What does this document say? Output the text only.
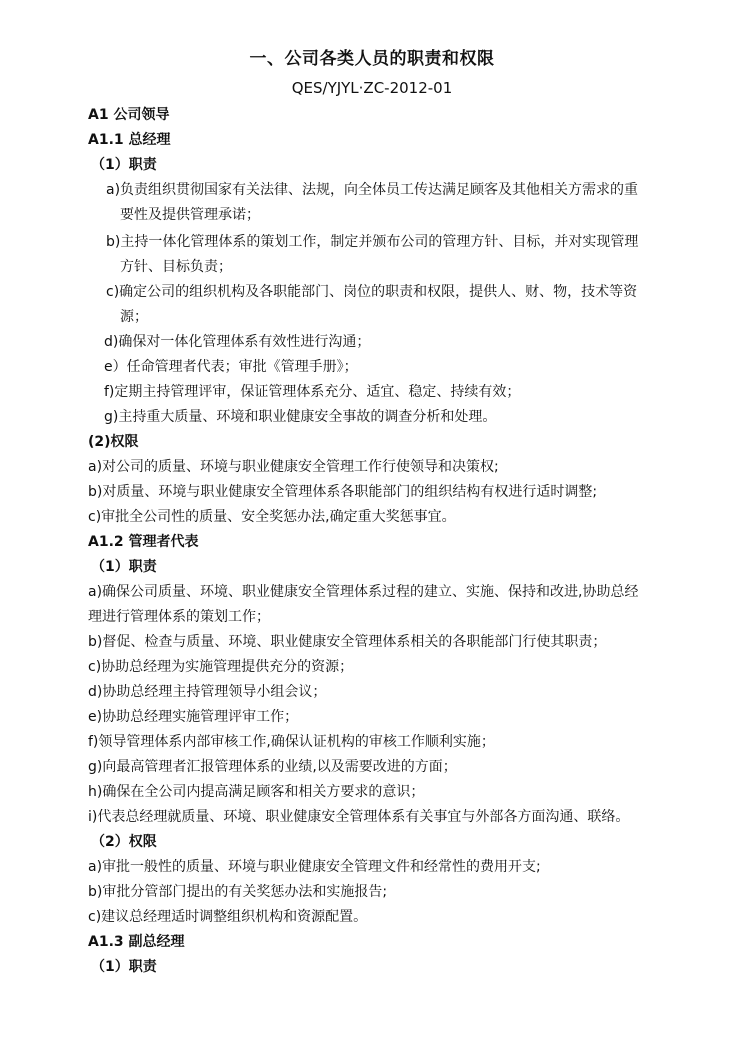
一、公司各类人员的职责和权限
QES/YJYL·ZC-2012-01
A1 公司领导
A1.1 总经理
（1）职责
a)负责组织贯彻国家有关法律、法规，向全体员工传达满足顾客及其他相关方需求的重
要性及提供管理承诺；
b)主持一体化管理体系的策划工作，制定并颁布公司的管理方针、目标，并对实现管理
方针、目标负责；
c)确定公司的组织机构及各职能部门、岗位的职责和权限，提供人、财、物，技术等资
源；
d)确保对一体化管理体系有效性进行沟通；
e）任命管理者代表；审批《管理手册》；
f)定期主持管理评审，保证管理体系充分、适宜、稳定、持续有效；
g)主持重大质量、环境和职业健康安全事故的调查分析和处理。
(2)权限
a)对公司的质量、环境与职业健康安全管理工作行使领导和决策权;
b)对质量、环境与职业健康安全管理体系各职能部门的组织结构有权进行适时调整;
c)审批全公司性的质量、安全奖惩办法,确定重大奖惩事宜。
A1.2 管理者代表
（1）职责
a)确保公司质量、环境、职业健康安全管理体系过程的建立、实施、保持和改进,协助总经
理进行管理体系的策划工作；
b)督促、检查与质量、环境、职业健康安全管理体系相关的各职能部门行使其职责；
c)协助总经理为实施管理提供充分的资源；
d)协助总经理主持管理领导小组会议；
e)协助总经理实施管理评审工作；
f)领导管理体系内部审核工作,确保认证机构的审核工作顺利实施；
g)向最高管理者汇报管理体系的业绩,以及需要改进的方面；
h)确保在全公司内提高满足顾客和相关方要求的意识；
i)代表总经理就质量、环境、职业健康安全管理体系有关事宜与外部各方面沟通、联络。
（2）权限
a)审批一般性的质量、环境与职业健康安全管理文件和经常性的费用开支;
b)审批分管部门提出的有关奖惩办法和实施报告;
c)建议总经理适时调整组织机构和资源配置。
A1.3 副总经理
（1）职责
